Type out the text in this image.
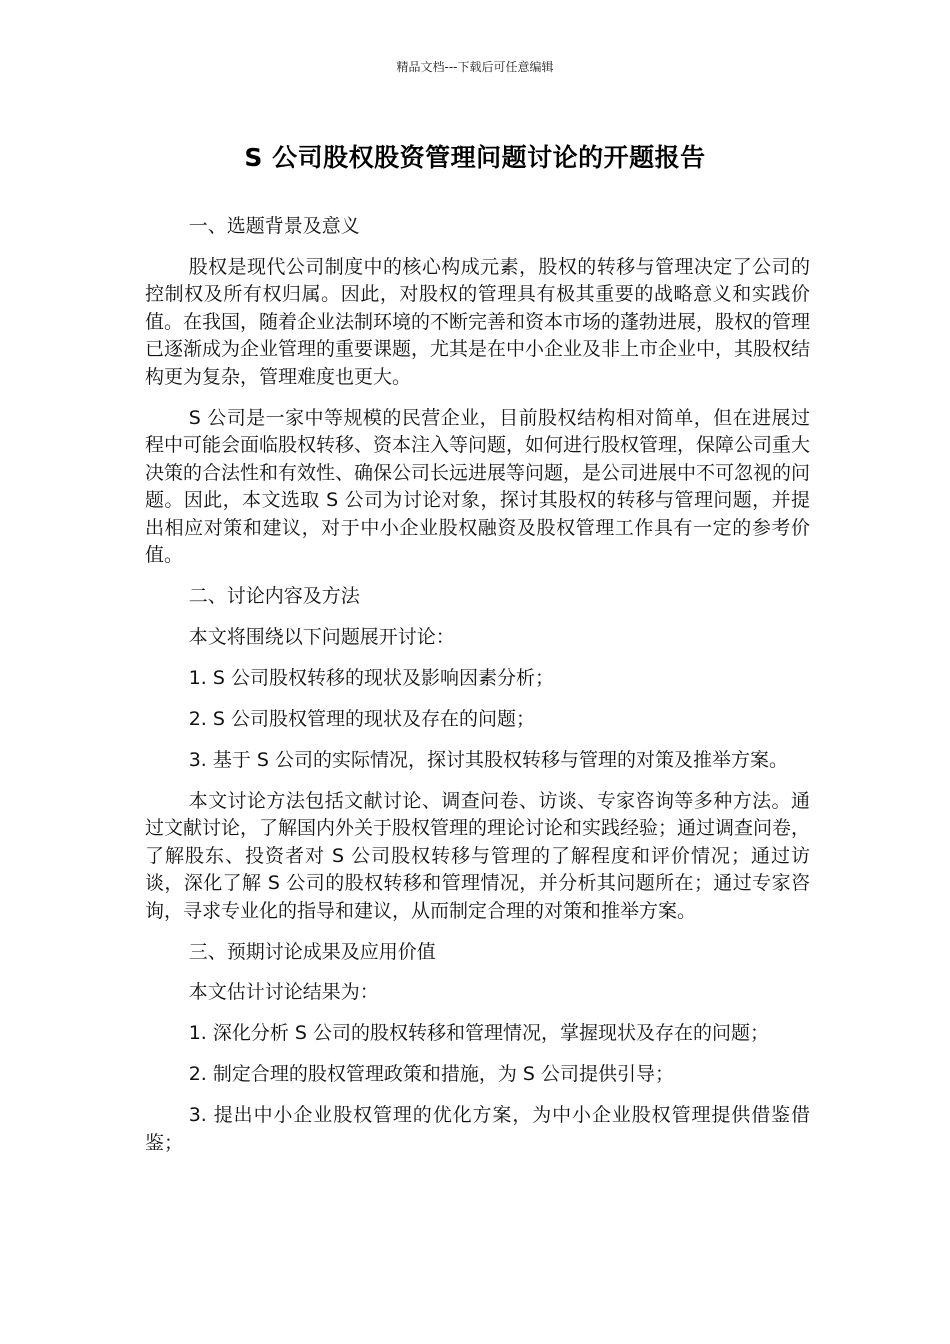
精品文档---下载后可任意编辑
S 公司股权股资管理问题讨论的开题报告
一、选题背景及意义
股权是现代公司制度中的核心构成元素，股权的转移与管理决定了公司的控制权及所有权归属。因此，对股权的管理具有极其重要的战略意义和实践价值。在我国，随着企业法制环境的不断完善和资本市场的蓬勃进展，股权的管理已逐渐成为企业管理的重要课题，尤其是在中小企业及非上市企业中，其股权结构更为复杂，管理难度也更大。
S 公司是一家中等规模的民营企业，目前股权结构相对简单，但在进展过程中可能会面临股权转移、资本注入等问题，如何进行股权管理，保障公司重大决策的合法性和有效性、确保公司长远进展等问题，是公司进展中不可忽视的问题。因此，本文选取 S 公司为讨论对象，探讨其股权的转移与管理问题，并提出相应对策和建议，对于中小企业股权融资及股权管理工作具有一定的参考价值。
二、讨论内容及方法
本文将围绕以下问题展开讨论：
1. S 公司股权转移的现状及影响因素分析；
2. S 公司股权管理的现状及存在的问题；
3. 基于 S 公司的实际情况，探讨其股权转移与管理的对策及推举方案。
本文讨论方法包括文献讨论、调查问卷、访谈、专家咨询等多种方法。通过文献讨论，了解国内外关于股权管理的理论讨论和实践经验；通过调查问卷，了解股东、投资者对 S 公司股权转移与管理的了解程度和评价情况；通过访谈，深化了解 S 公司的股权转移和管理情况，并分析其问题所在；通过专家咨询，寻求专业化的指导和建议，从而制定合理的对策和推举方案。
三、预期讨论成果及应用价值
本文估计讨论结果为：
1. 深化分析 S 公司的股权转移和管理情况，掌握现状及存在的问题；
2. 制定合理的股权管理政策和措施，为 S 公司提供引导；
3. 提出中小企业股权管理的优化方案，为中小企业股权管理提供借鉴借鉴；
